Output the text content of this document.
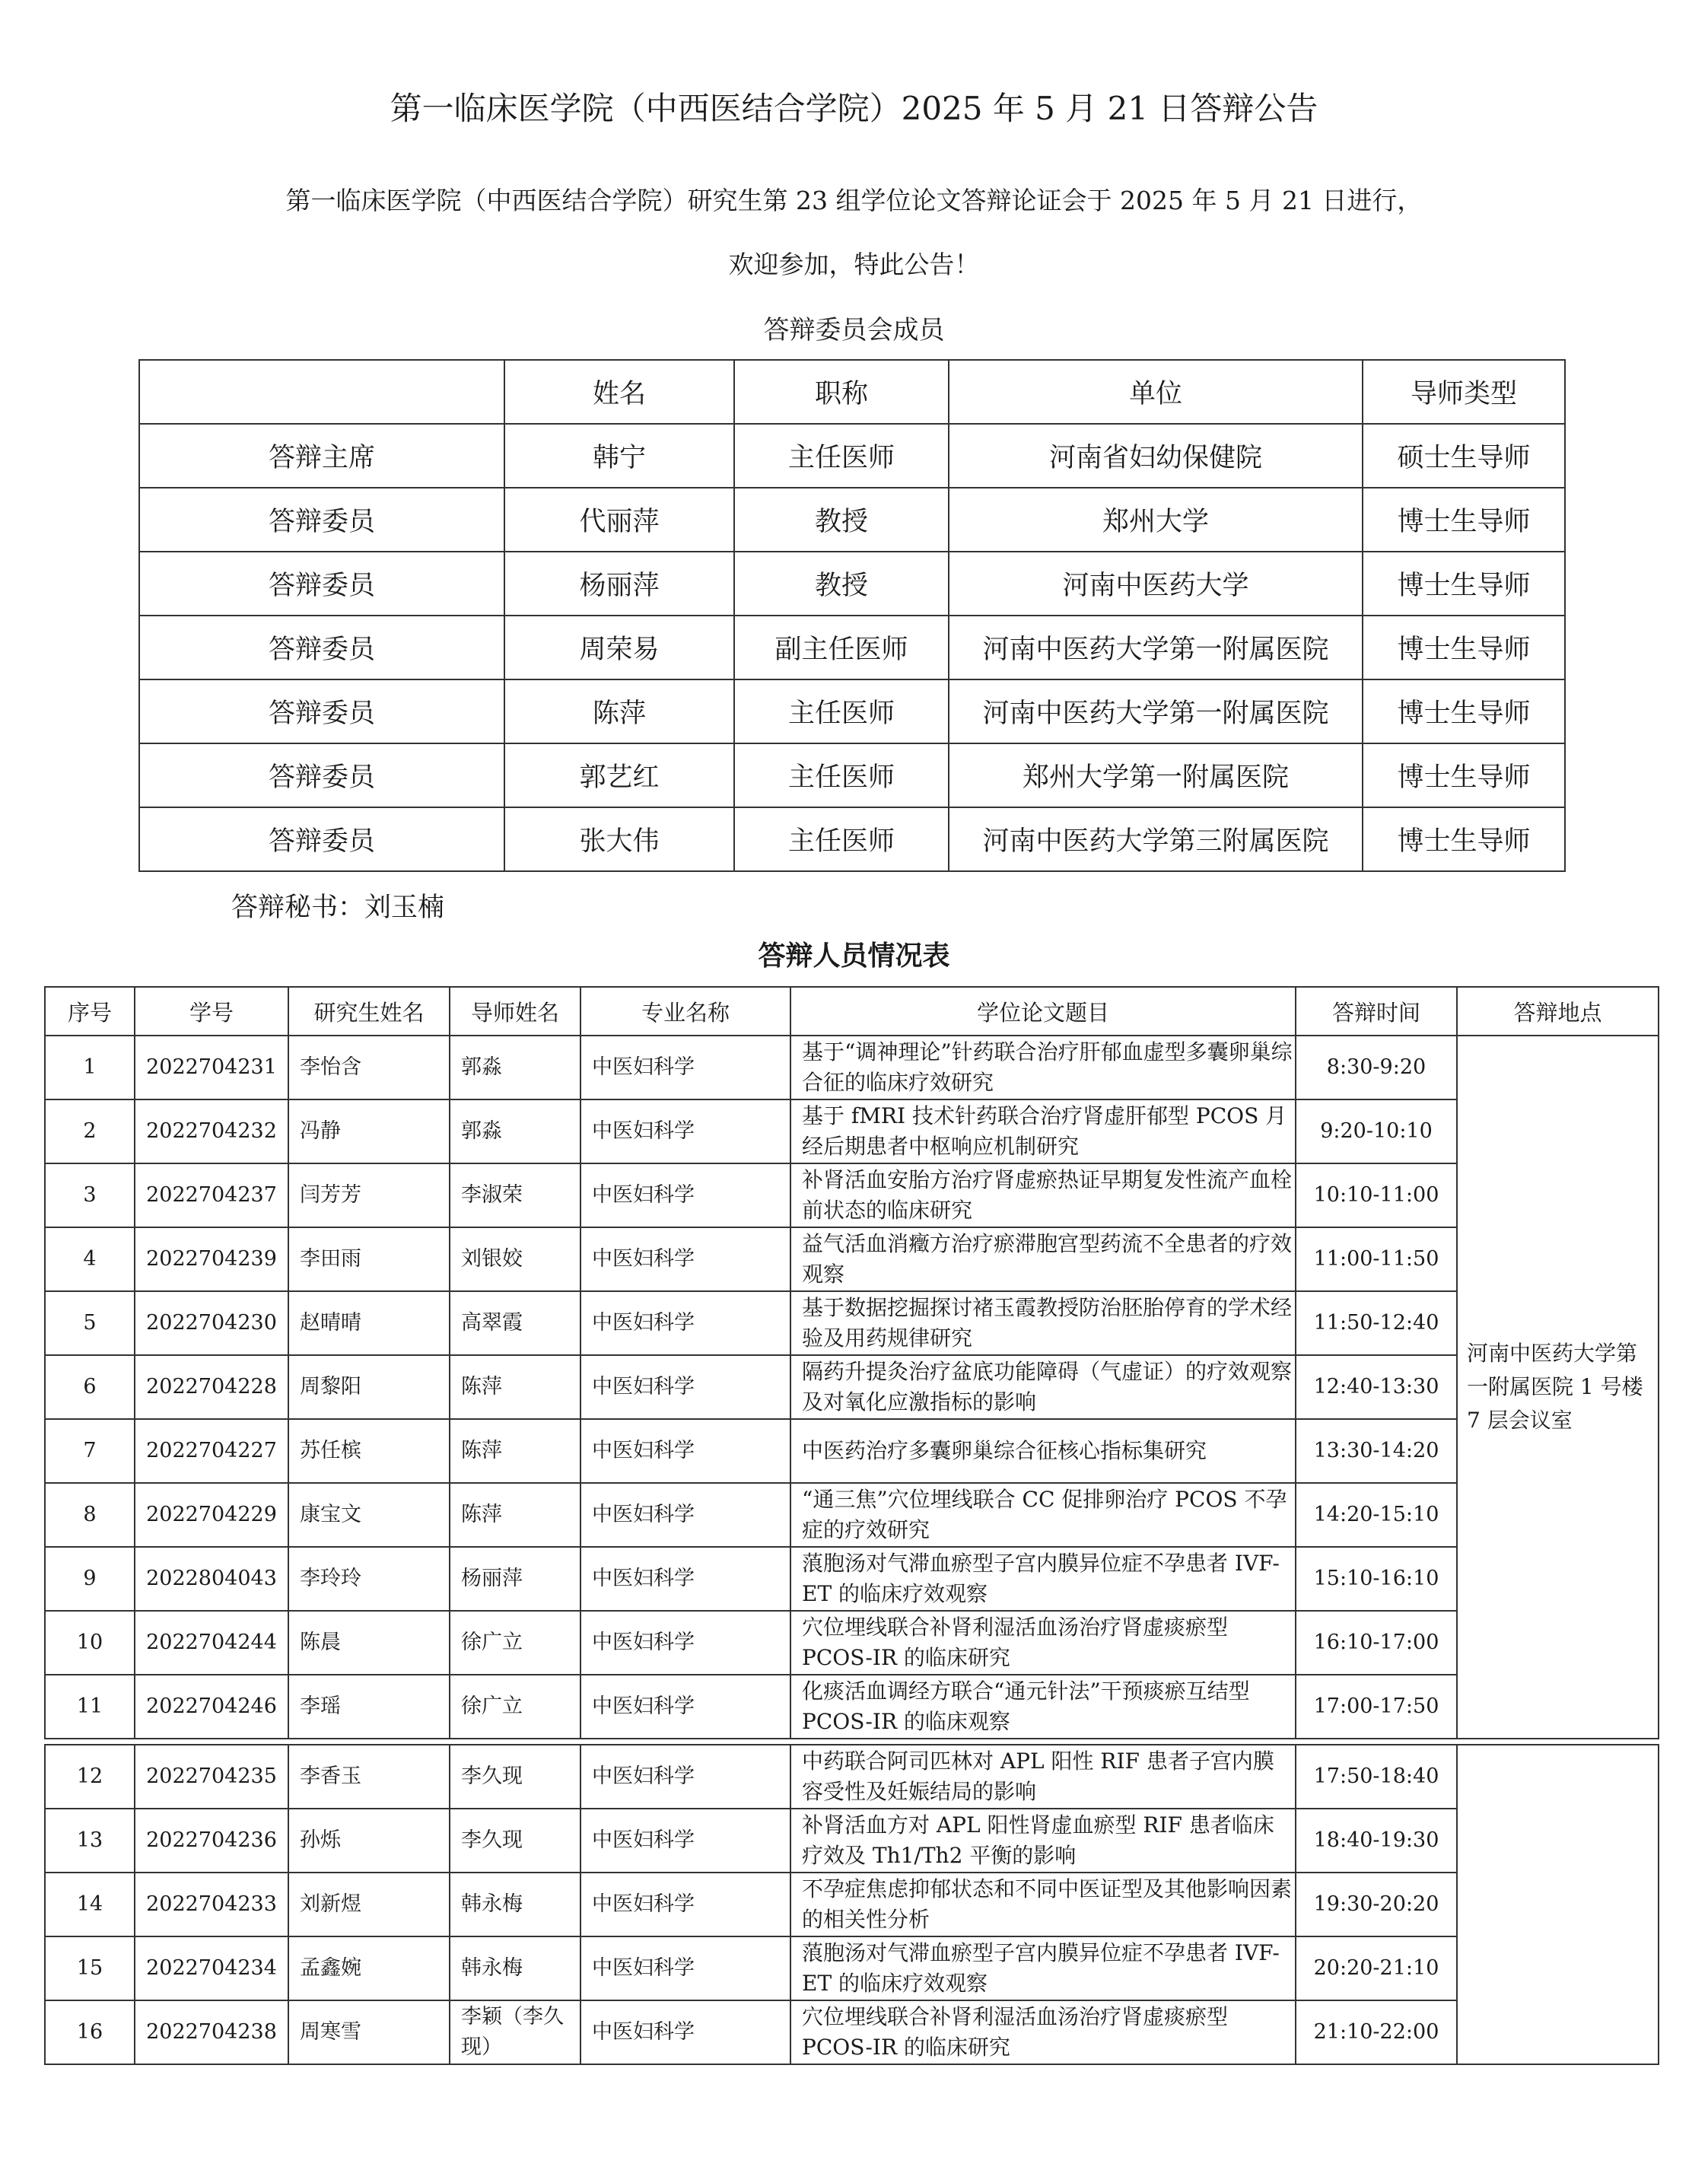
第一临床医学院（中西医结合学院）2025 年 5 月 21 日答辩公告
第一临床医学院（中西医结合学院）研究生第 23 组学位论文答辩论证会于 2025 年 5 月 21 日进行，
欢迎参加，特此公告！
答辩委员会成员
	姓名	职称	单位	导师类型
答辩主席	韩宁	主任医师	河南省妇幼保健院	硕士生导师
答辩委员	代丽萍	教授	郑州大学	博士生导师
答辩委员	杨丽萍	教授	河南中医药大学	博士生导师
答辩委员	周荣易	副主任医师	河南中医药大学第一附属医院	博士生导师
答辩委员	陈萍	主任医师	河南中医药大学第一附属医院	博士生导师
答辩委员	郭艺红	主任医师	郑州大学第一附属医院	博士生导师
答辩委员	张大伟	主任医师	河南中医药大学第三附属医院	博士生导师
答辩秘书：刘玉楠
答辩人员情况表
序号	学号	研究生姓名	导师姓名	专业名称	学位论文题目	答辩时间	答辩地点
1	2022704231	李怡含	郭淼	中医妇科学	基于“调神理论”针药联合治疗肝郁血虚型多囊卵巢综合征的临床疗效研究	8:30-9:20	河南中医药大学第一附属医院 1 号楼 7 层会议室
2	2022704232	冯静	郭淼	中医妇科学	基于 fMRI 技术针药联合治疗肾虚肝郁型 PCOS 月经后期患者中枢响应机制研究	9:20-10:10	
3	2022704237	闫芳芳	李淑荣	中医妇科学	补肾活血安胎方治疗肾虚瘀热证早期复发性流产血栓前状态的临床研究	10:10-11:00	
4	2022704239	李田雨	刘银姣	中医妇科学	益气活血消癥方治疗瘀滞胞宫型药流不全患者的疗效观察	11:00-11:50	
5	2022704230	赵晴晴	高翠霞	中医妇科学	基于数据挖掘探讨褚玉霞教授防治胚胎停育的学术经验及用药规律研究	11:50-12:40	
6	2022704228	周黎阳	陈萍	中医妇科学	隔药升提灸治疗盆底功能障碍（气虚证）的疗效观察及对氧化应激指标的影响	12:40-13:30	
7	2022704227	苏任槟	陈萍	中医妇科学	中医药治疗多囊卵巢综合征核心指标集研究	13:30-14:20	
8	2022704229	康宝文	陈萍	中医妇科学	“通三焦”穴位埋线联合 CC 促排卵治疗 PCOS 不孕症的疗效研究	14:20-15:10	
9	2022804043	李玲玲	杨丽萍	中医妇科学	蒗胞汤对气滞血瘀型子宫内膜异位症不孕患者 IVF-ET 的临床疗效观察	15:10-16:10	
10	2022704244	陈晨	徐广立	中医妇科学	穴位埋线联合补肾利湿活血汤治疗肾虚痰瘀型 PCOS-IR 的临床研究	16:10-17:00	
11	2022704246	李瑶	徐广立	中医妇科学	化痰活血调经方联合“通元针法”干预痰瘀互结型 PCOS-IR 的临床观察	17:00-17:50	
12	2022704235	李香玉	李久现	中医妇科学	中药联合阿司匹林对 APL 阳性 RIF 患者子宫内膜容受性及妊娠结局的影响	17:50-18:40	
13	2022704236	孙烁	李久现	中医妇科学	补肾活血方对 APL 阳性肾虚血瘀型 RIF 患者临床疗效及 Th1/Th2 平衡的影响	18:40-19:30	
14	2022704233	刘新煜	韩永梅	中医妇科学	不孕症焦虑抑郁状态和不同中医证型及其他影响因素的相关性分析	19:30-20:20	
15	2022704234	孟鑫婉	韩永梅	中医妇科学	蒗胞汤对气滞血瘀型子宫内膜异位症不孕患者 IVF-ET 的临床疗效观察	20:20-21:10	
16	2022704238	周寒雪	李颖（李久现）	中医妇科学	穴位埋线联合补肾利湿活血汤治疗肾虚痰瘀型 PCOS-IR 的临床研究	21:10-22:00	
